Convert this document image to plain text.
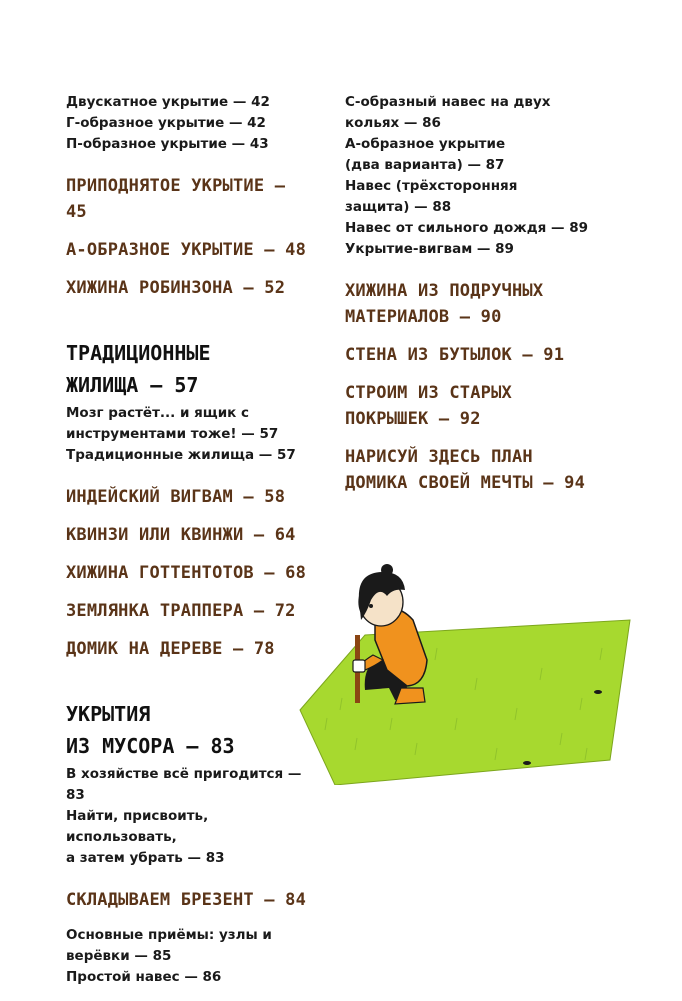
Двускатное укрытие — 42

Г-образное укрытие — 42

П-образное укрытие — 43

ПРИПОДНЯТОЕ УКРЫТИЕ — 45

А-ОБРАЗНОЕ УКРЫТИЕ — 48

ХИЖИНА РОБИНЗОНА — 52

ТРАДИЦИОННЫЕ

ЖИЛИЩА — 57

Мозг растёт... и ящик с

инструментами тоже! — 57

Традиционные жилища — 57

ИНДЕЙСКИЙ ВИГВАМ — 58

КВИНЗИ ИЛИ КВИНЖИ — 64

ХИЖИНА ГОТТЕНТОТОВ — 68

ЗЕМЛЯНКА ТРАППЕРА — 72

ДОМИК НА ДЕРЕВЕ — 78

УКРЫТИЯ

ИЗ МУСОРА — 83

В хозяйстве всё пригодится — 83

Найти, присвоить, использовать,

а затем убрать — 83

СКЛАДЫВАЕМ БРЕЗЕНТ — 84

Основные приёмы: узлы и

верёвки — 85

Простой навес — 86

С-образный навес на двух

кольях — 86

А-образное укрытие

(два варианта) — 87

Навес (трёхсторонняя

защита) — 88

Навес от сильного дождя — 89

Укрытие-вигвам — 89

ХИЖИНА ИЗ ПОДРУЧНЫХ

МАТЕРИАЛОВ — 90

СТЕНА ИЗ БУТЫЛОК — 91

СТРОИМ ИЗ СТАРЫХ

ПОКРЫШЕК — 92

НАРИСУЙ ЗДЕСЬ ПЛАН

ДОМИКА СВОЕЙ МЕЧТЫ — 94
